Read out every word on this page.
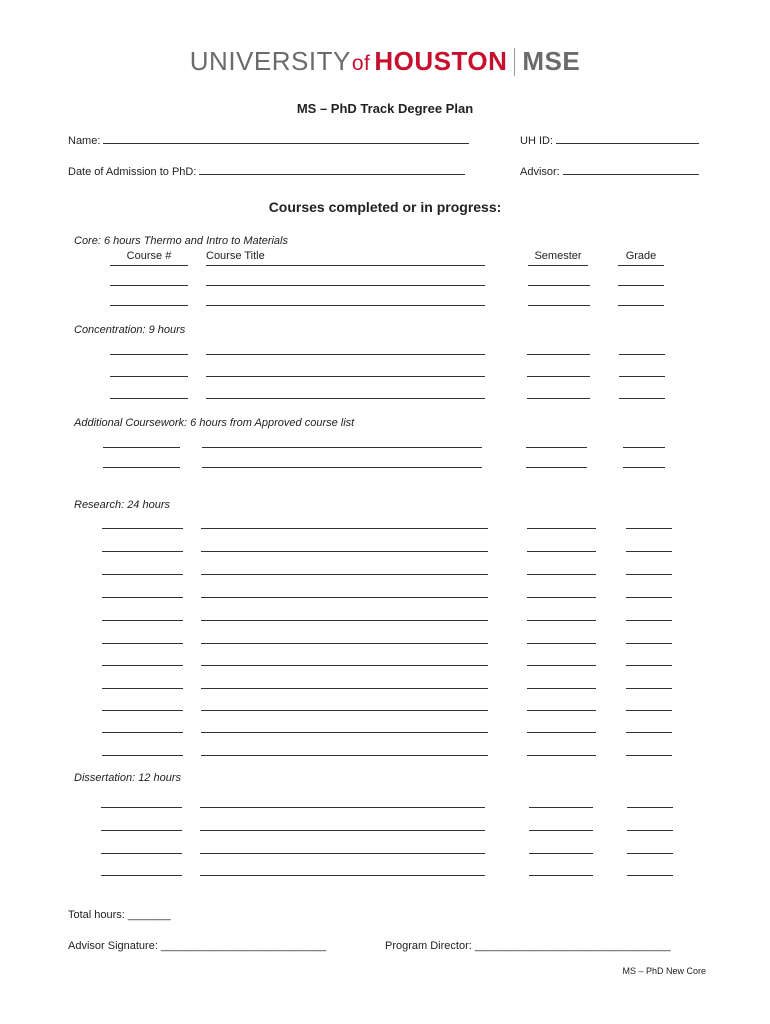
UNIVERSITY of HOUSTON MSE
MS – PhD Track Degree Plan
Name:	UH ID:
Date of Admission to PhD:	Advisor:
Courses completed or in progress:
Core: 6 hours Thermo and Intro to Materials
Course #	Course Title	Semester	Grade
Concentration: 9 hours
Additional Coursework: 6 hours from Approved course list
Research: 24 hours
Dissertation: 12 hours
Total hours: _______
Advisor Signature: ___________________________	Program Director: ________________________________
MS – PhD New Core
